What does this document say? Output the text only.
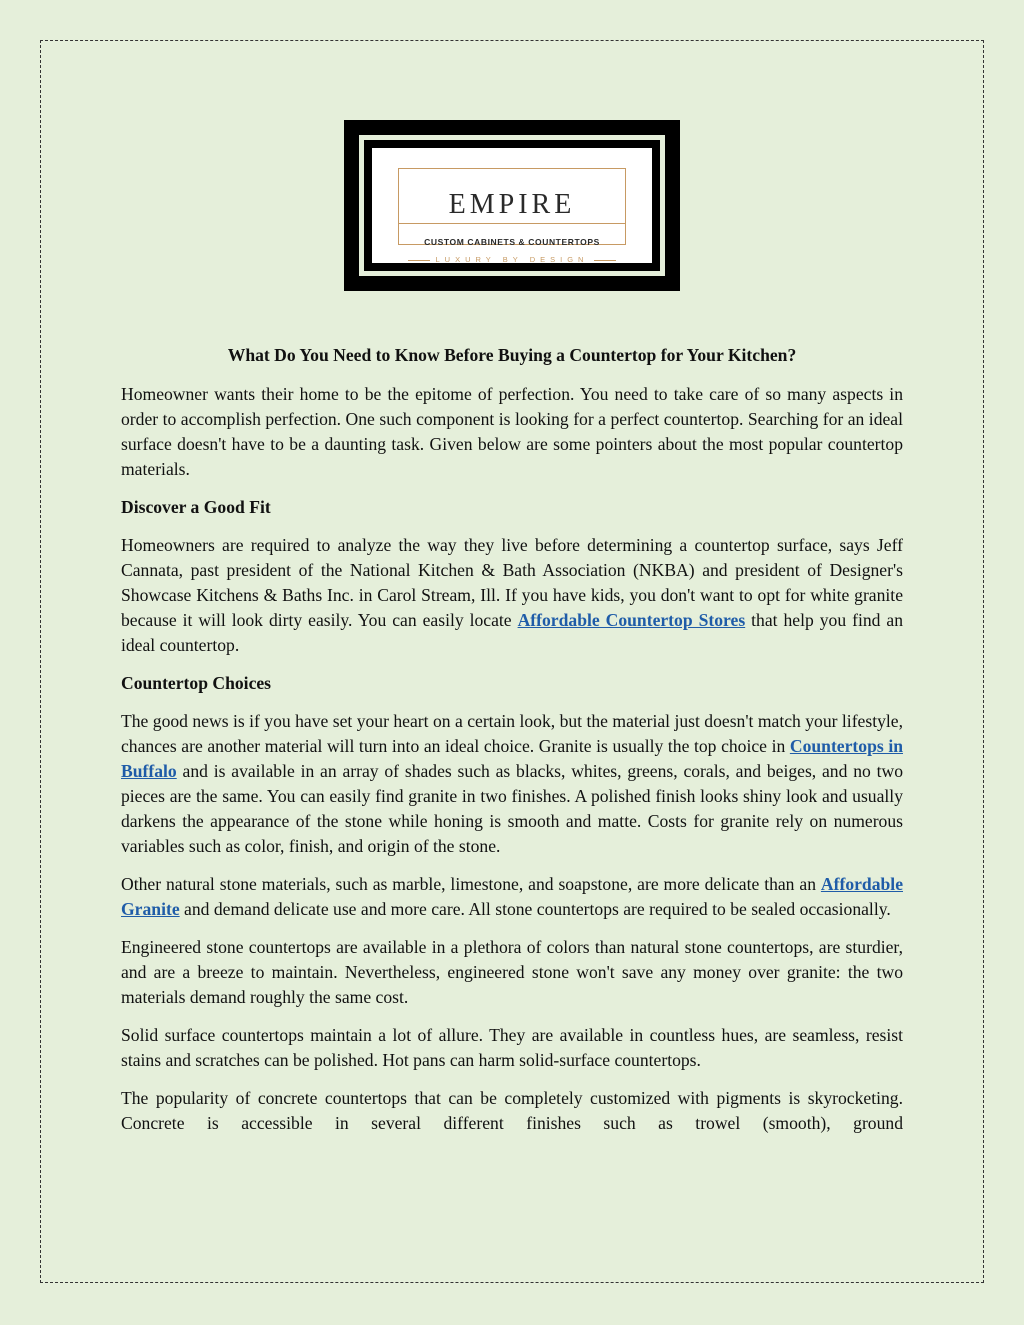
EMPIRE
CUSTOM CABINETS & COUNTERTOPS
LUXURY BY DESIGN
What Do You Need to Know Before Buying a Countertop for Your Kitchen?

Homeowner wants their home to be the epitome of perfection. You need to take care of so many aspects in order to accomplish perfection. One such component is looking for a perfect countertop. Searching for an ideal surface doesn't have to be a daunting task. Given below are some pointers about the most popular countertop materials.

Discover a Good Fit

Homeowners are required to analyze the way they live before determining a countertop surface, says Jeff Cannata, past president of the National Kitchen & Bath Association (NKBA) and president of Designer's Showcase Kitchens & Baths Inc. in Carol Stream, Ill. If you have kids, you don't want to opt for white granite because it will look dirty easily. You can easily locate Affordable Countertop Stores that help you find an ideal countertop.

Countertop Choices

The good news is if you have set your heart on a certain look, but the material just doesn't match your lifestyle, chances are another material will turn into an ideal choice. Granite is usually the top choice in Countertops in Buffalo and is available in an array of shades such as blacks, whites, greens, corals, and beiges, and no two pieces are the same. You can easily find granite in two finishes. A polished finish looks shiny look and usually darkens the appearance of the stone while honing is smooth and matte. Costs for granite rely on numerous variables such as color, finish, and origin of the stone.

Other natural stone materials, such as marble, limestone, and soapstone, are more delicate than an Affordable Granite and demand delicate use and more care. All stone countertops are required to be sealed occasionally.

Engineered stone countertops are available in a plethora of colors than natural stone countertops, are sturdier, and are a breeze to maintain. Nevertheless, engineered stone won't save any money over granite: the two materials demand roughly the same cost.

Solid surface countertops maintain a lot of allure. They are available in countless hues, are seamless, resist stains and scratches can be polished. Hot pans can harm solid-surface countertops.

The popularity of concrete countertops that can be completely customized with pigments is skyrocketing. Concrete is accessible in several different finishes such as trowel (smooth), ground
